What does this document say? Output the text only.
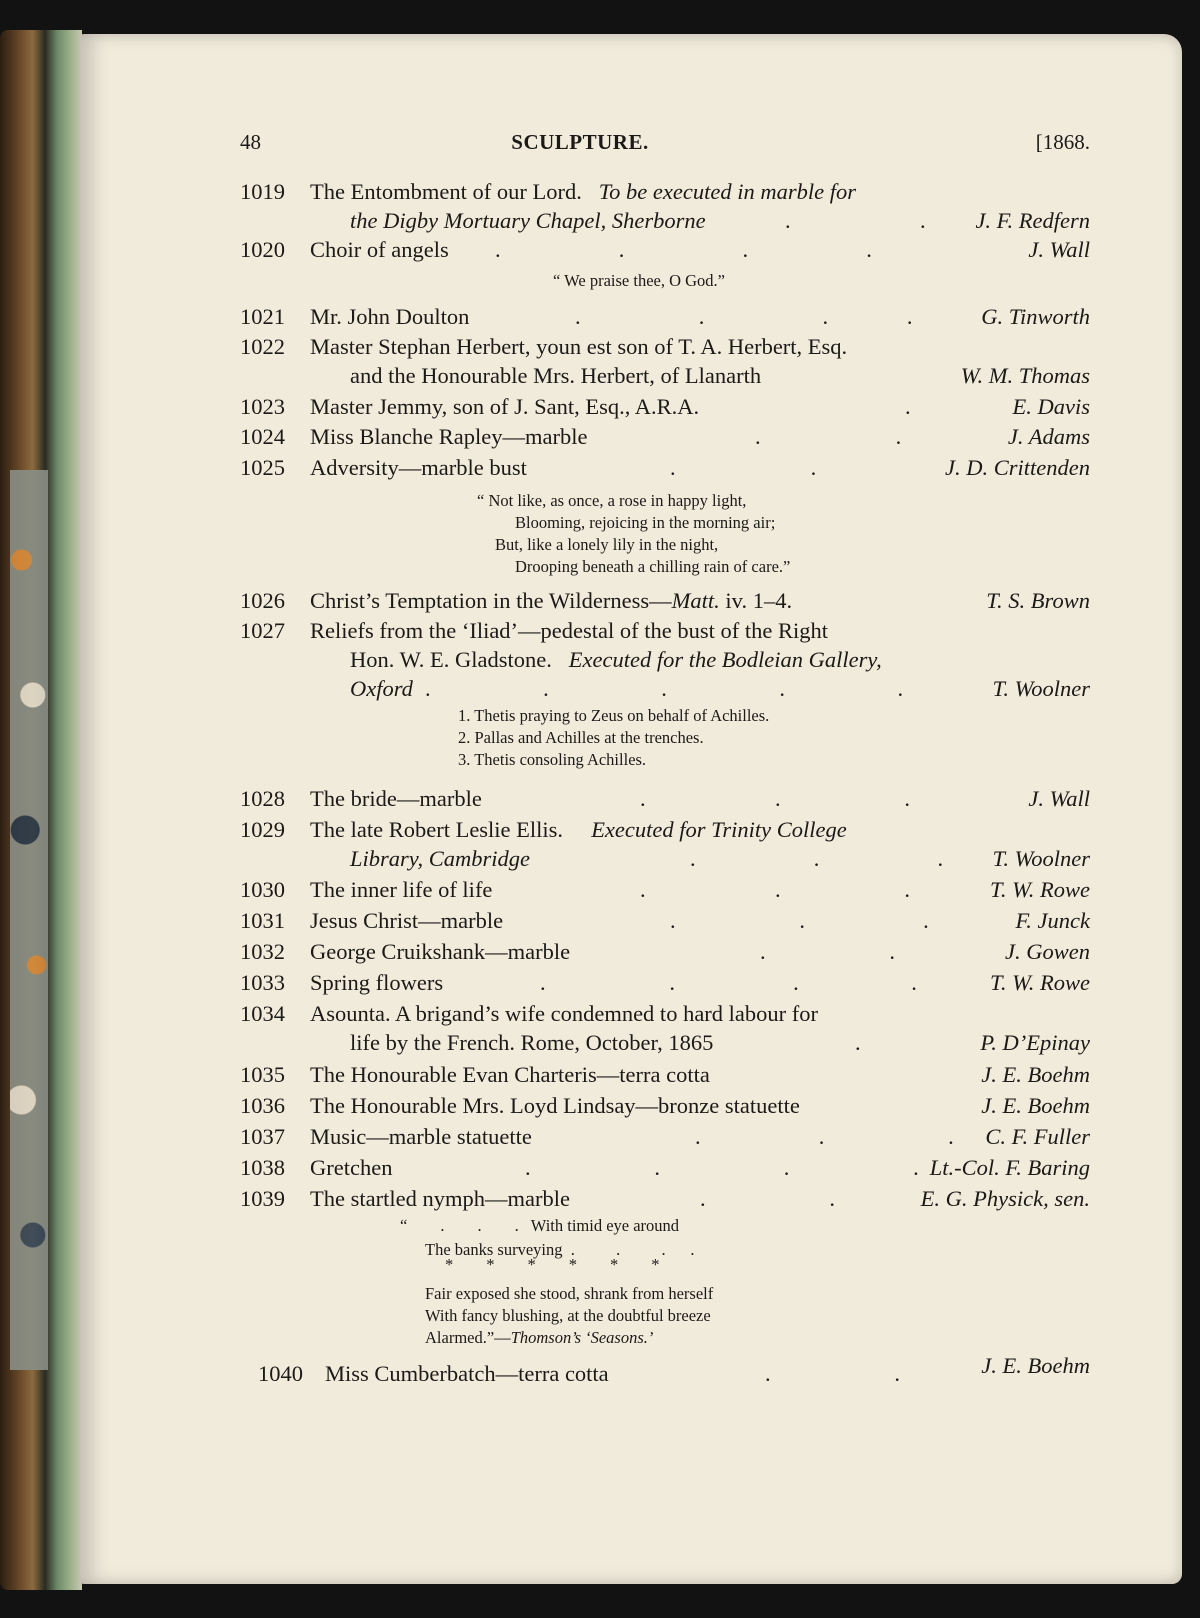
48	SCULPTURE.	[1868.
1019 The Entombment of our Lord. To be executed in marble for
the Digby Mortuary Chapel, Sherborne	.                       . J. F. Redfern
1020 Choir of angels .                     .                     .                     .	J. Wall
“ We praise thee, O God.”
1021 Mr. John Doulton	.                     .                     .              .	G. Tinworth
1022 Master Stephan Herbert, youn est son of T. A. Herbert, Esq.
and the Honourable Mrs. Herbert, of Llanarth	W. M. Thomas
1023 Master Jemmy, son of J. Sant, Esq., A.R.A.	.	E. Davis
1024 Miss Blanche Rapley—marble	.                        .	J. Adams
1025 Adversity—marble bust	.                        .	J. D. Crittenden
“ Not like, as once, a rose in happy light,
Blooming, rejoicing in the morning air;
But, like a lonely lily in the night,
Drooping beneath a chilling rain of care.”
1026 Christ’s Temptation in the Wilderness—Matt. iv. 1–4.	T. S. Brown
1027 Reliefs from the ‘Iliad’—pedestal of the bust of the Right
Hon. W. E. Gladstone. Executed for the Bodleian Gallery,
Oxford .                    .                    .                    .                    .	T. Woolner
1. Thetis praying to Zeus on behalf of Achilles.
2. Pallas and Achilles at the trenches.
3. Thetis consoling Achilles.
1028 The bride—marble	.                       .                      .	J. Wall
1029 The late Robert Leslie Ellis. Executed for Trinity College
Library, Cambridge	.                     .                     . T. Woolner
1030 The inner life of life	.                       .                      .	T. W. Rowe
1031 Jesus Christ—marble	.                      .                     .	F. Junck
1032 George Cruikshank—marble	.                      .	J. Gowen
1033 Spring flowers	.                      .                     .                    .	T. W. Rowe
1034 Asounta. A brigand’s wife condemned to hard labour for
life by the French. Rome, October, 1865	.	P. D’Epinay
1035 The Honourable Evan Charteris—terra cotta	J. E. Boehm
1036 The Honourable Mrs. Loyd Lindsay—bronze statuette	J. E. Boehm
1037 Music—marble statuette	.                     .                      . C. F. Fuller
1038 Gretchen	.                      .                      .                      . Lt.-Col. F. Baring
1039 The startled nymph—marble	.                      .	E. G. Physick, sen.
“        .        .        .   With timid eye around
The banks surveying  .          .          .      .
*        *        *        *        *        *
Fair exposed she stood, shrank from herself
With fancy blushing, at the doubtful breeze
Alarmed.”—Thomson’s ‘Seasons.’
1040 Miss Cumberbatch—terra cotta	.                      .	J. E. Boehm
